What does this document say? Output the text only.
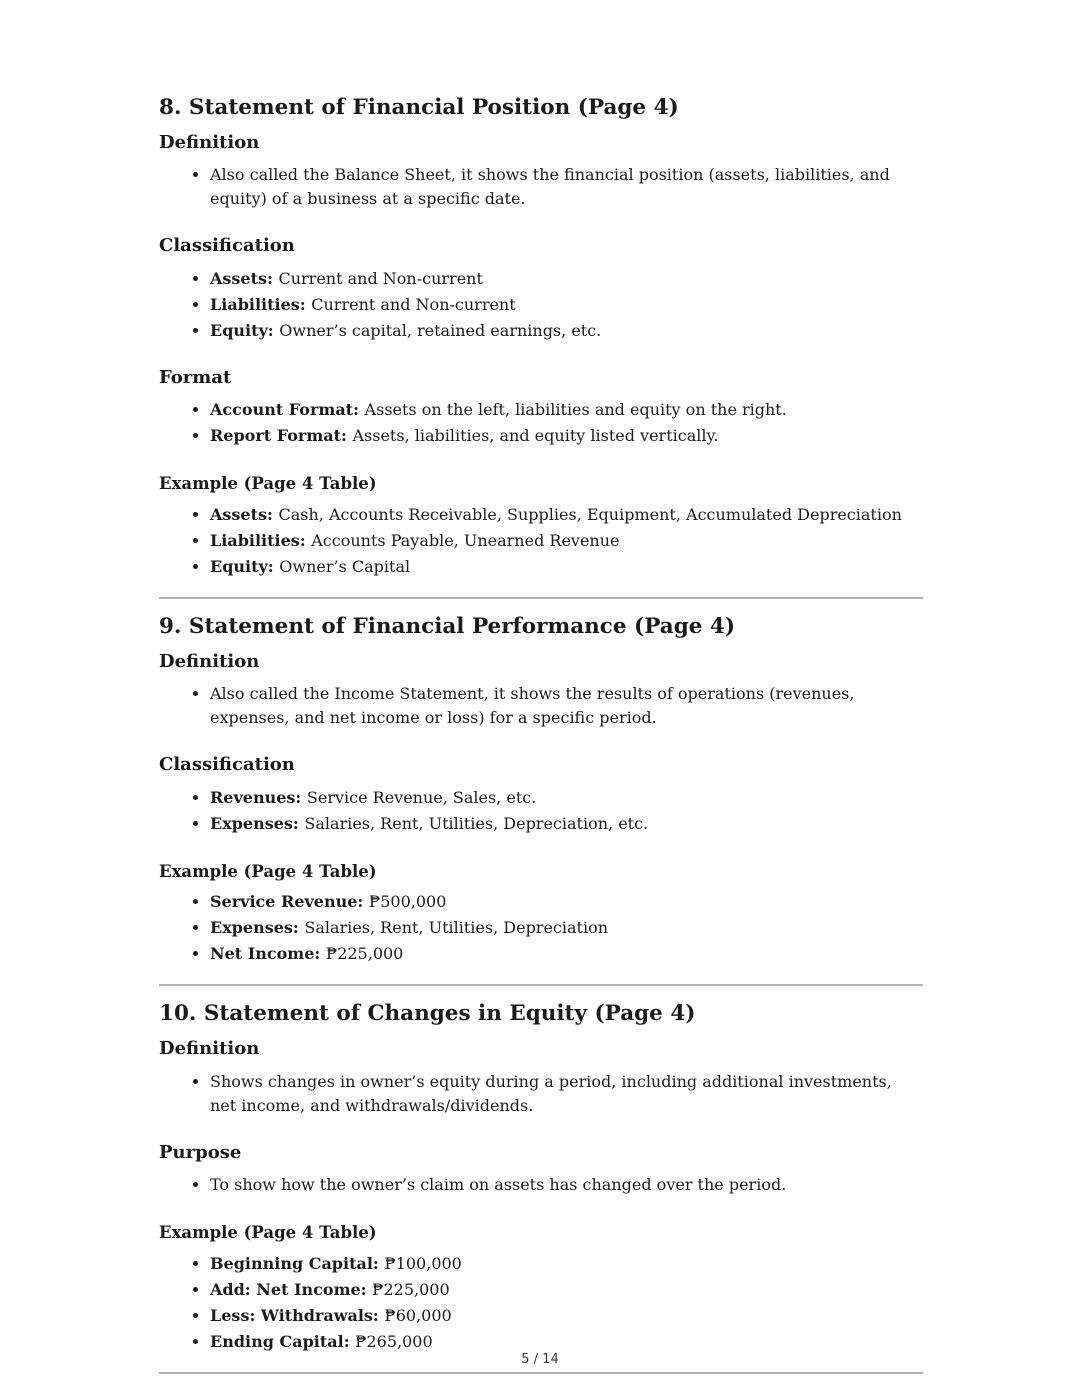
8. Statement of Financial Position (Page 4)
Definition
• Also called the Balance Sheet, it shows the financial position (assets, liabilities, and equity) of a business at a specific date.
Classification
• Assets: Current and Non-current
• Liabilities: Current and Non-current
• Equity: Owner’s capital, retained earnings, etc.
Format
• Account Format: Assets on the left, liabilities and equity on the right.
• Report Format: Assets, liabilities, and equity listed vertically.
Example (Page 4 Table)
• Assets: Cash, Accounts Receivable, Supplies, Equipment, Accumulated Depreciation
• Liabilities: Accounts Payable, Unearned Revenue
• Equity: Owner’s Capital
9. Statement of Financial Performance (Page 4)
Definition
• Also called the Income Statement, it shows the results of operations (revenues, expenses, and net income or loss) for a specific period.
Classification
• Revenues: Service Revenue, Sales, etc.
• Expenses: Salaries, Rent, Utilities, Depreciation, etc.
Example (Page 4 Table)
• Service Revenue: ₱500,000
• Expenses: Salaries, Rent, Utilities, Depreciation
• Net Income: ₱225,000
10. Statement of Changes in Equity (Page 4)
Definition
• Shows changes in owner’s equity during a period, including additional investments, net income, and withdrawals/dividends.
Purpose
• To show how the owner’s claim on assets has changed over the period.
Example (Page 4 Table)
• Beginning Capital: ₱100,000
• Add: Net Income: ₱225,000
• Less: Withdrawals: ₱60,000
• Ending Capital: ₱265,000
5 / 14
